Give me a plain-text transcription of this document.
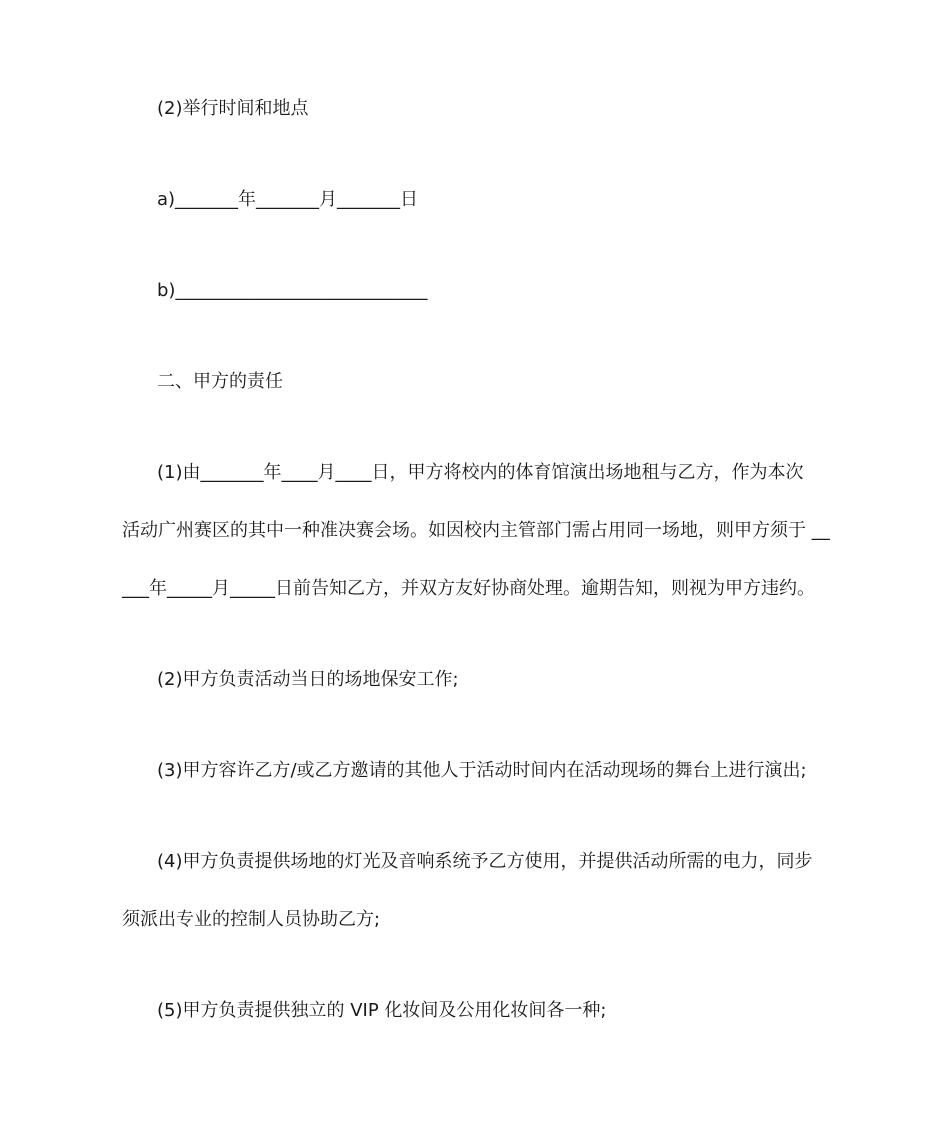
(2)举行时间和地点
a)_______年_______月_______日
b)____________________________
二、甲方的责任
(1)由_______年____月____日，甲方将校内的体育馆演出场地租与乙方，作为本次
活动广州赛区的其中一种准决赛会场。如因校内主管部门需占用同一场地，则甲方须于 __
___年_____月_____日前告知乙方，并双方友好协商处理。逾期告知，则视为甲方违约。
(2)甲方负责活动当日的场地保安工作;
(3)甲方容许乙方/或乙方邀请的其他人于活动时间内在活动现场的舞台上进行演出;
(4)甲方负责提供场地的灯光及音响系统予乙方使用，并提供活动所需的电力，同步
须派出专业的控制人员协助乙方;
(5)甲方负责提供独立的 VIP 化妆间及公用化妆间各一种;
